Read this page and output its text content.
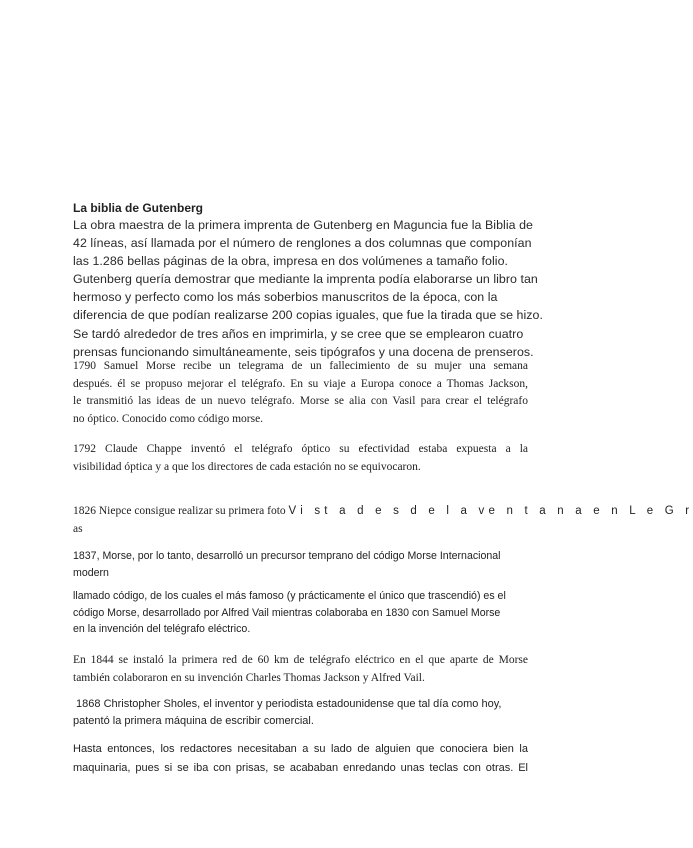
La biblia de Gutenberg
La obra maestra de la primera imprenta de Gutenberg en Maguncia fue la Biblia de
42 líneas, así llamada por el número de renglones a dos columnas que componían
las 1.286 bellas páginas de la obra, impresa en dos volúmenes a tamaño folio.
Gutenberg quería demostrar que mediante la imprenta podía elaborarse un libro tan
hermoso y perfecto como los más soberbios manuscritos de la época, con la
diferencia de que podían realizarse 200 copias iguales, que fue la tirada que se hizo.
Se tardó alrededor de tres años en imprimirla, y se cree que se emplearon cuatro
prensas funcionando simultáneamente, seis tipógrafos y una docena de prenseros.
1790 Samuel Morse recibe un telegrama de un fallecimiento de su mujer una semana
después. él se propuso mejorar el telégrafo. En su viaje a Europa conoce a Thomas Jackson,
le transmitió las ideas de un nuevo telégrafo. Morse se alia con Vasil para crear el telégrafo
no óptico. Conocido como código morse.
1792 Claude Chappe inventó el telégrafo óptico su efectividad estaba expuesta a la
visibilidad óptica y a que los directores de cada estación no se equivocaron.
1826 Niepce consigue realizar su primera foto Vi st a d e s d e l a ve n t a n a e n L e G r
as
1837, Morse, por lo tanto, desarrolló un precursor temprano del código Morse Internacional
modern
llamado código, de los cuales el más famoso (y prácticamente el único que trascendió) es el
código Morse, desarrollado por Alfred Vail mientras colaboraba en 1830 con Samuel Morse
en la invención del telégrafo eléctrico.
En 1844 se instaló la primera red de 60 km de telégrafo eléctrico en el que aparte de Morse
también colaboraron en su invención Charles Thomas Jackson y Alfred Vail.
1868 Christopher Sholes, el inventor y periodista estadounidense que tal día como hoy,
patentó la primera máquina de escribir comercial.
Hasta entonces, los redactores necesitaban a su lado de alguien que conociera bien la
maquinaria, pues si se iba con prisas, se acababan enredando unas teclas con otras. El
